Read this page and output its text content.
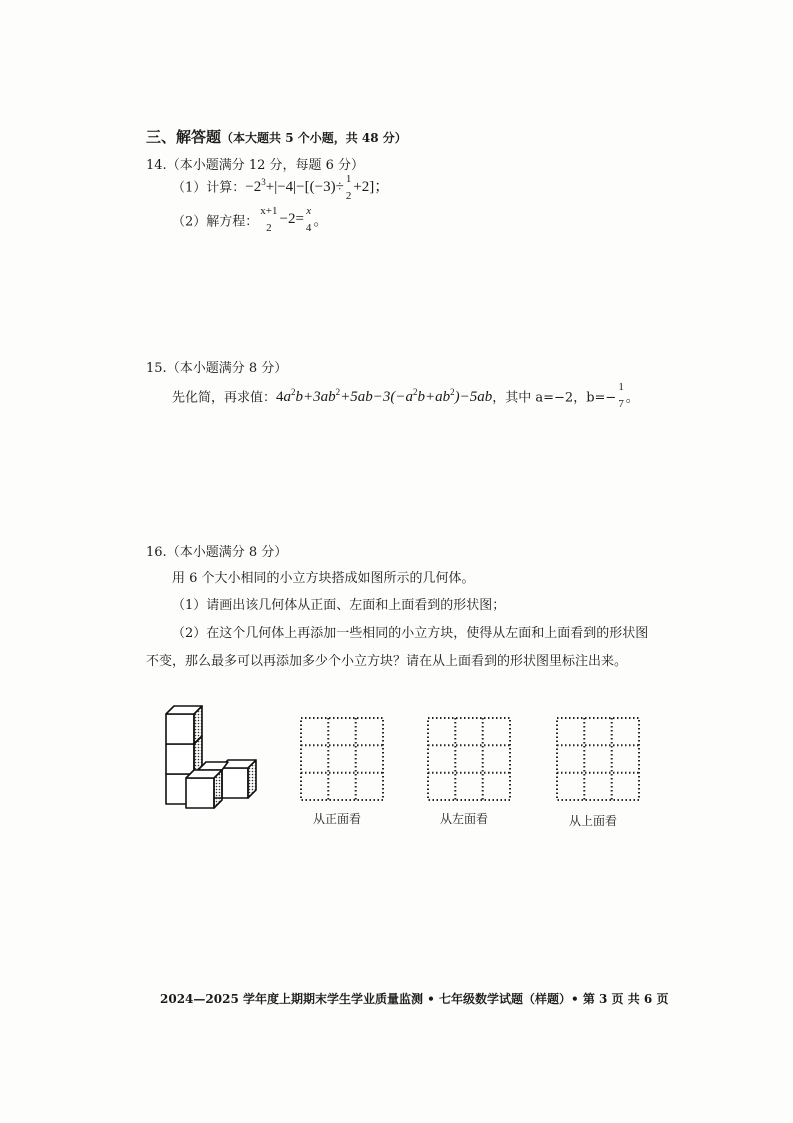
三、解答题（本大题共 5 个小题，共 48 分）
14.（本小题满分 12 分，每题 6 分）
（1）计算：$-2^3+|-4|-[(-3)\div$
1
2
+2]；
（2）解方程：
x+1
2
−2=
x
4 。
15.（本小题满分 8 分）
先化简，再求值：$4a^2b+3ab^2+5ab-3(-a^2b+ab^2)-5ab$，其中 a=−2，b=−
1
7 。
16.（本小题满分 8 分）
用 6 个大小相同的小立方块搭成如图所示的几何体。
（1）请画出该几何体从正面、左面和上面看到的形状图；
（2）在这个几何体上再添加一些相同的小立方块，使得从左面和上面看到的形状图
不变，那么最多可以再添加多少个小立方块？请在从上面看到的形状图里标注出来。
从正面看	从左面看	从上面看
2024—2025 学年度上期期末学生学业质量监测 • 七年级数学试题（样题）• 第 3 页 共 6 页
